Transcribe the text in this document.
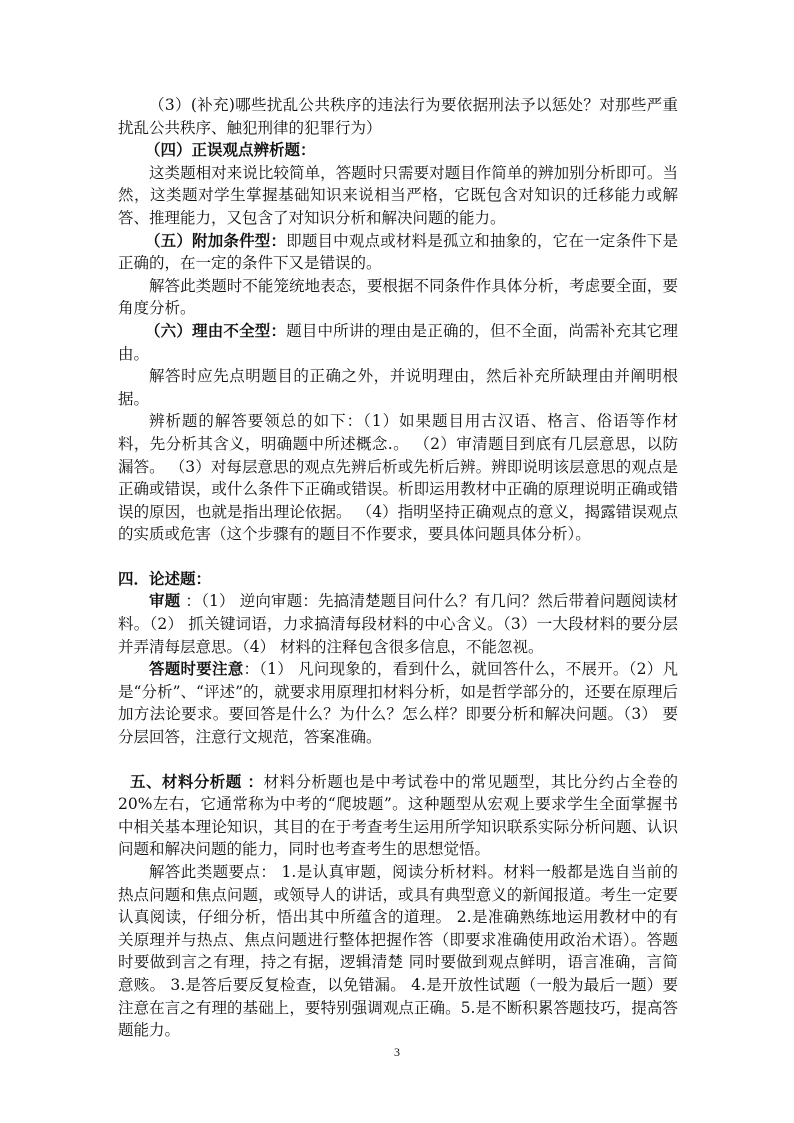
（3）(补充)哪些扰乱公共秩序的违法行为要依据刑法予以惩处？对那些严重扰乱公共秩序、触犯刑律的犯罪行为）

（四）正误观点辨析题：

这类题相对来说比较简单，答题时只需要对题目作简单的辨加别分析即可。当然，这类题对学生掌握基础知识来说相当严格，它既包含对知识的迁移能力或解答、推理能力，又包含了对知识分析和解决问题的能力。

（五）附加条件型：即题目中观点或材料是孤立和抽象的，它在一定条件下是正确的，在一定的条件下又是错误的。

解答此类题时不能笼统地表态，要根据不同条件作具体分析，考虑要全面，要角度分析。

（六）理由不全型：题目中所讲的理由是正确的，但不全面，尚需补充其它理由。

解答时应先点明题目的正确之外，并说明理由，然后补充所缺理由并阐明根据。

辨析题的解答要领总的如下：（1）如果题目用古汉语、格言、俗语等作材料，先分析其含义，明确题中所述概念.。 （2）审清题目到底有几层意思，以防漏答。 （3）对每层意思的观点先辨后析或先析后辨。辨即说明该层意思的观点是正确或错误，或什么条件下正确或错误。析即运用教材中正确的原理说明正确或错误的原因，也就是指出理论依据。 （4）指明坚持正确观点的意义，揭露错误观点的实质或危害（这个步骤有的题目不作要求，要具体问题具体分析）。

四．论述题：

审题 ：（1） 逆向审题：先搞清楚题目问什么？有几问？然后带着问题阅读材料。（2） 抓关键词语，力求搞清每段材料的中心含义。（3）一大段材料的要分层并弄清每层意思。（4） 材料的注释包含很多信息，不能忽视。

答题时要注意：（1） 凡问现象的，看到什么，就回答什么，不展开。（2）凡是“分析”、“评述”的，就要求用原理扣材料分析，如是哲学部分的，还要在原理后加方法论要求。要回答是什么？为什么？怎么样？即要分析和解决问题。（3） 要分层回答，注意行文规范，答案准确。

五、材料分析题 ：材料分析题也是中考试卷中的常见题型，其比分约占全卷的 20%左右，它通常称为中考的“爬坡题”。这种题型从宏观上要求学生全面掌握书中相关基本理论知识，其目的在于考查考生运用所学知识联系实际分析问题、认识问题和解决问题的能力，同时也考查考生的思想觉悟。

解答此类题要点： 1.是认真审题，阅读分析材料。材料一般都是选自当前的热点问题和焦点问题，或领导人的讲话，或具有典型意义的新闻报道。考生一定要认真阅读，仔细分析，悟出其中所蕴含的道理。 2.是准确熟练地运用教材中的有关原理并与热点、焦点问题进行整体把握作答（即要求准确使用政治术语）。答题时要做到言之有理，持之有据，逻辑清楚 同时要做到观点鲜明，语言准确，言简意赅。 3.是答后要反复检查，以免错漏。 4.是开放性试题（一般为最后一题）要注意在言之有理的基础上，要特别强调观点正确。5.是不断积累答题技巧，提高答题能力。

3
